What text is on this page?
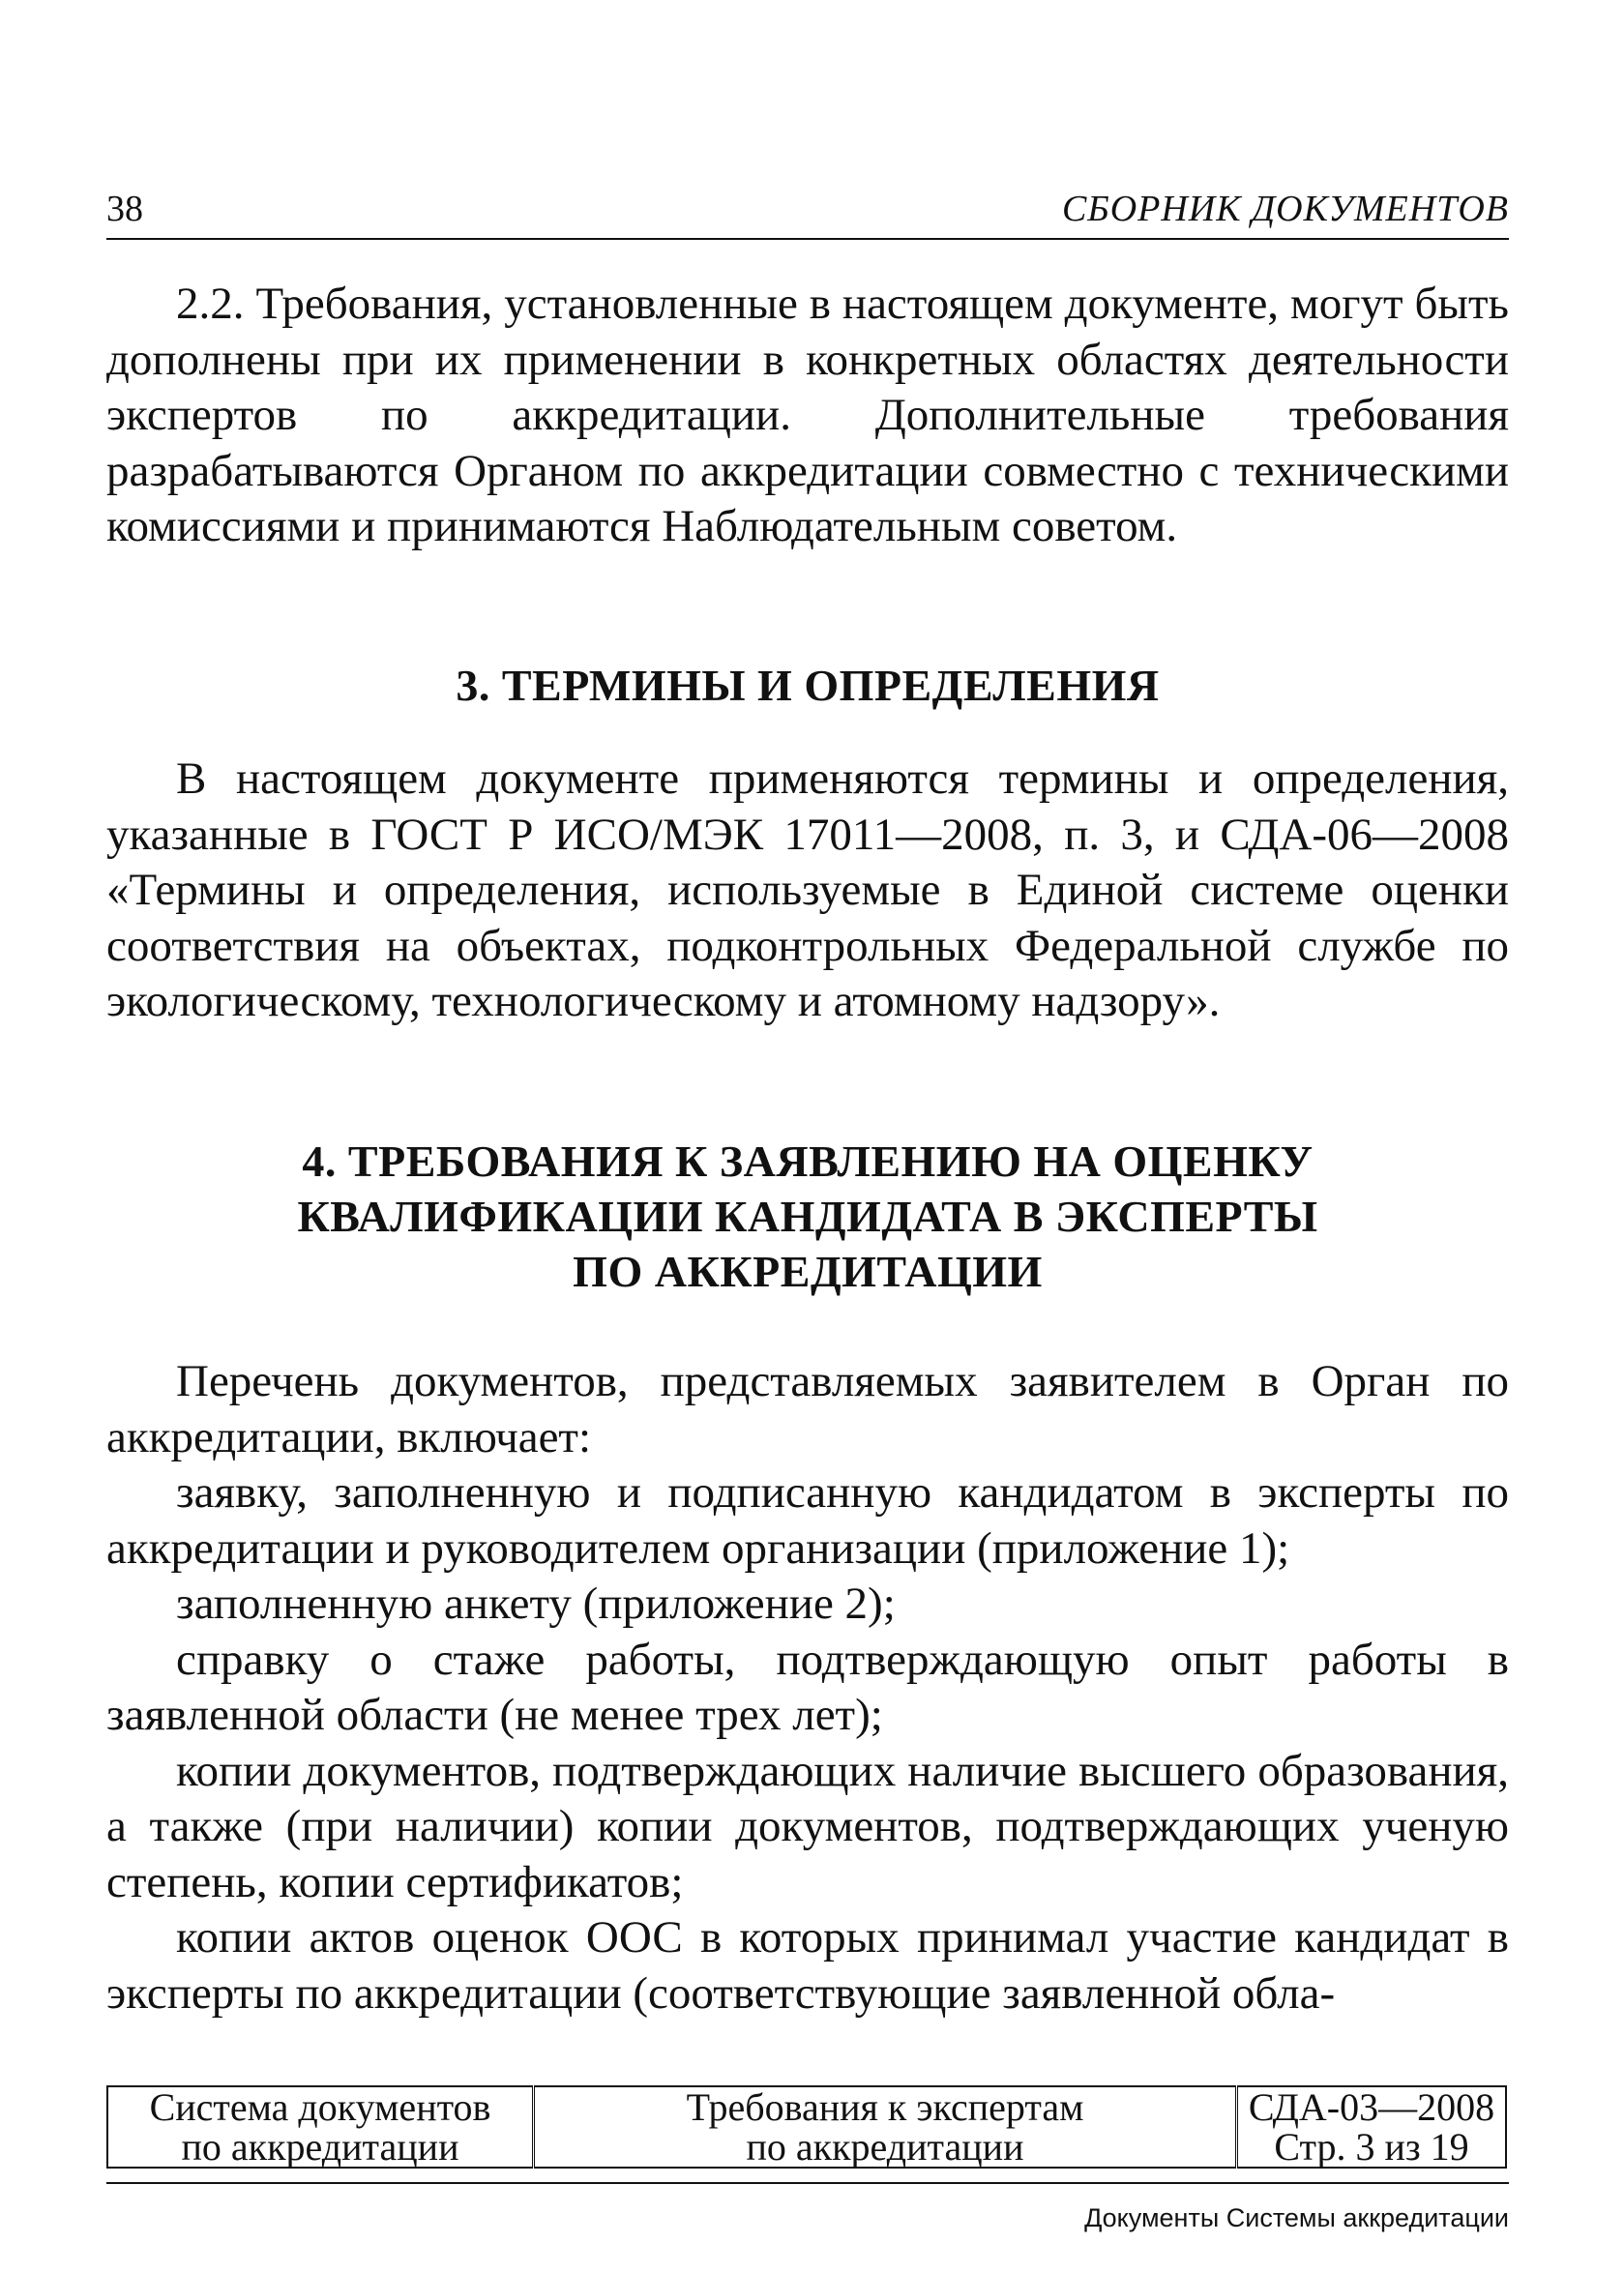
38	СБОРНИК ДОКУМЕНТОВ

2.2. Требования, установленные в настоящем документе, могут быть дополнены при их применении в конкретных областях деятельности экспертов по аккредитации. Дополнительные требования разрабатываются Органом по аккредитации совместно с техническими комиссиями и принимаются Наблюдательным советом.

3. ТЕРМИНЫ И ОПРЕДЕЛЕНИЯ

В настоящем документе применяются термины и определения, указанные в ГОСТ Р ИСО/МЭК 17011—2008, п. 3, и СДА-06—2008 «Термины и определения, используемые в Единой системе оценки соответствия на объектах, подконтрольных Федеральной службе по экологическому, технологическому и атомному надзору».

4. ТРЕБОВАНИЯ К ЗАЯВЛЕНИЮ НА ОЦЕНКУ
КВАЛИФИКАЦИИ КАНДИДАТА В ЭКСПЕРТЫ
ПО АККРЕДИТАЦИИ

Перечень документов, представляемых заявителем в Орган по аккредитации, включает:

заявку, заполненную и подписанную кандидатом в эксперты по аккредитации и руководителем организации (приложение 1);

заполненную анкету (приложение 2);

справку о стаже работы, подтверждающую опыт работы в заявленной области (не менее трех лет);

копии документов, подтверждающих наличие высшего образования, а также (при наличии) копии документов, подтверждающих ученую степень, копии сертификатов;

копии актов оценок ООС в которых принимал участие кандидат в эксперты по аккредитации (соответствующие заявленной обла-

Система документов
по аккредитации

Требования к экспертам
по аккредитации

СДА-03—2008
Стр. 3 из 19
Документы Системы аккредитации
